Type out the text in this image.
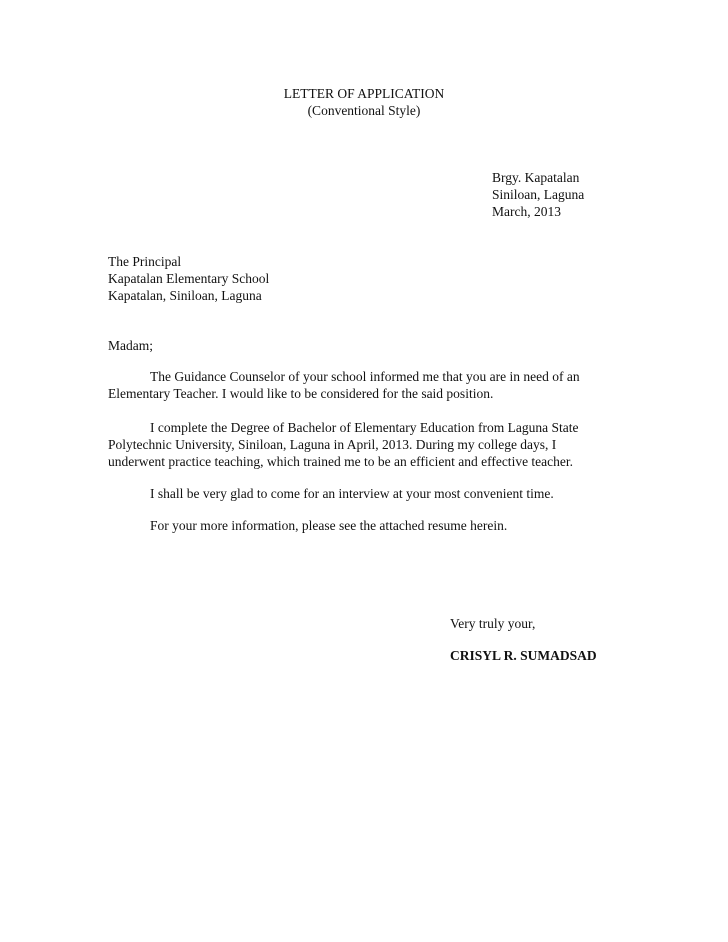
LETTER OF APPLICATION
(Conventional Style)
Brgy. Kapatalan
Siniloan, Laguna
March, 2013
The Principal
Kapatalan Elementary School
Kapatalan, Siniloan, Laguna
Madam;
The Guidance Counselor of your school informed me that you are in need of an
Elementary Teacher. I would like to be considered for the said position.
I complete the Degree of Bachelor of Elementary Education from Laguna State
Polytechnic University, Siniloan, Laguna in April, 2013. During my college days, I
underwent practice teaching, which trained me to be an efficient and effective teacher.
I shall be very glad to come for an interview at your most convenient time.
For your more information, please see the attached resume herein.
Very truly your,
CRISYL R. SUMADSAD
